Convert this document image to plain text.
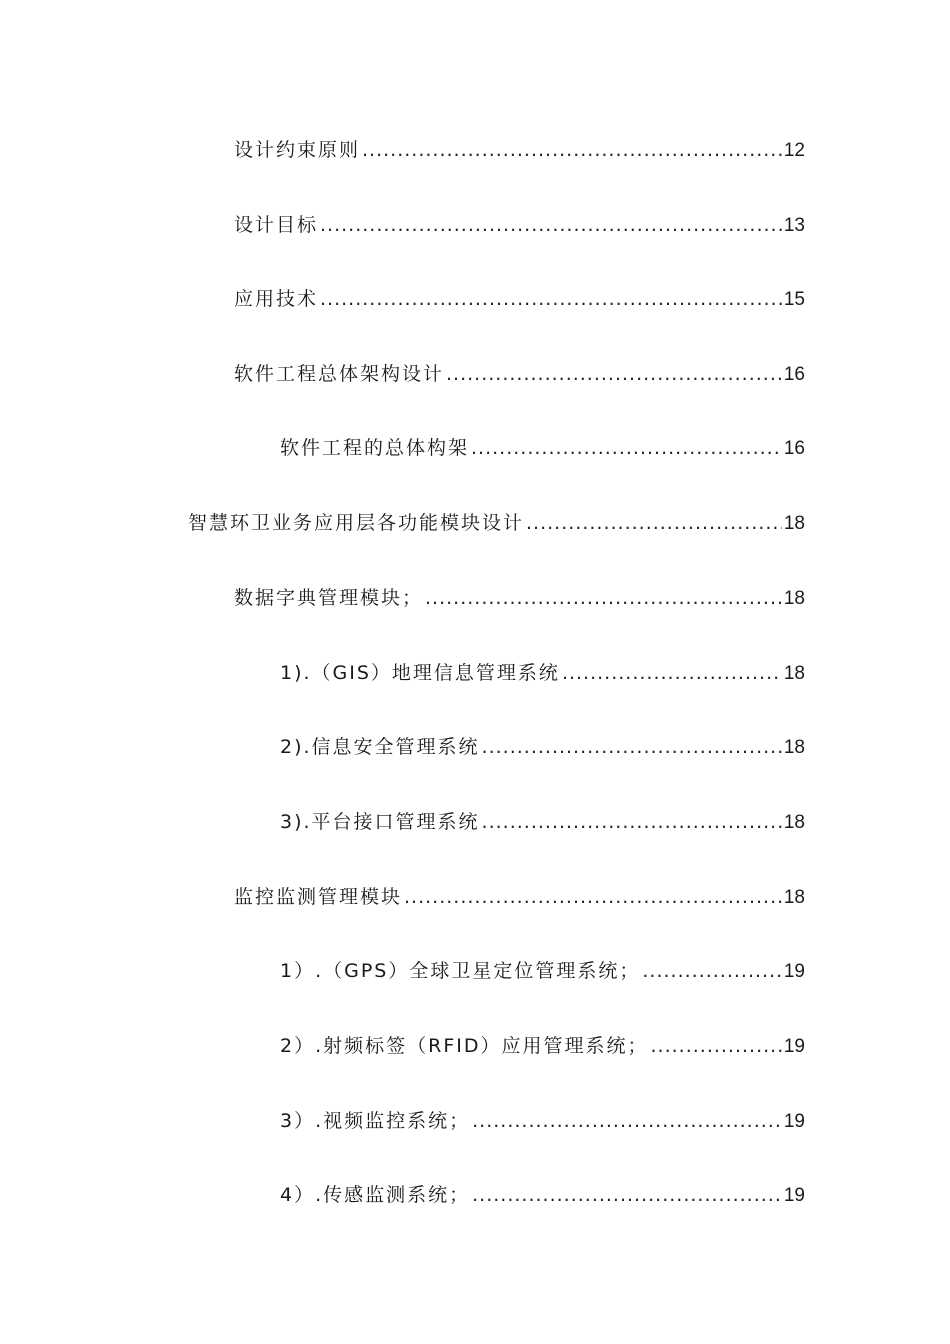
设计约束原则 .....	12
设计目标 .....	13
应用技术 .....	15
软件工程总体架构设计 .....	16
软件工程的总体构架 .....	16
智慧环卫业务应用层各功能模块设计 .....	18
数据字典管理模块； .....	18
1).（GIS）地理信息管理系统 .....	18
2).信息安全管理系统 .....	18
3).平台接口管理系统 .....	18
监控监测管理模块 .....	18
1）.（GPS）全球卫星定位管理系统； .....	19
2）.射频标签（RFID）应用管理系统； .....	19
3）.视频监控系统； .....	19
4）.传感监测系统； .....	19
